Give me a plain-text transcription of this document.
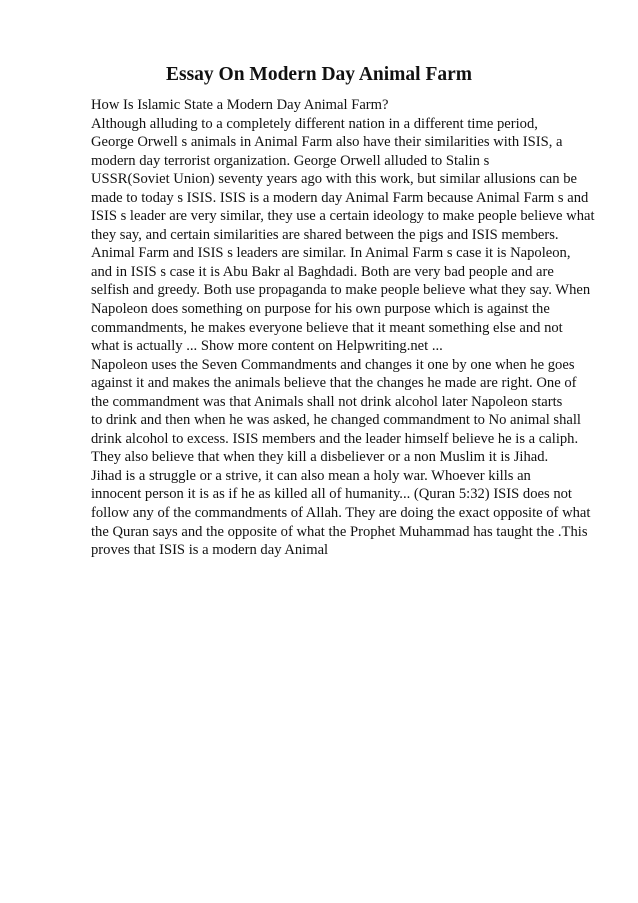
Essay On Modern Day Animal Farm
How Is Islamic State a Modern Day Animal Farm?
Although alluding to a completely different nation in a different time period,
George Orwell s animals in Animal Farm also have their similarities with ISIS, a
modern day terrorist organization. George Orwell alluded to Stalin s
USSR(Soviet Union) seventy years ago with this work, but similar allusions can be
made to today s ISIS. ISIS is a modern day Animal Farm because Animal Farm s and
ISIS s leader are very similar, they use a certain ideology to make people believe what
they say, and certain similarities are shared between the pigs and ISIS members.
Animal Farm and ISIS s leaders are similar. In Animal Farm s case it is Napoleon,
and in ISIS s case it is Abu Bakr al Baghdadi. Both are very bad people and are
selfish and greedy. Both use propaganda to make people believe what they say. When
Napoleon does something on purpose for his own purpose which is against the
commandments, he makes everyone believe that it meant something else and not
what is actually ... Show more content on Helpwriting.net ...
Napoleon uses the Seven Commandments and changes it one by one when he goes
against it and makes the animals believe that the changes he made are right. One of
the commandment was that Animals shall not drink alcohol later Napoleon starts
to drink and then when he was asked, he changed commandment to No animal shall
drink alcohol to excess. ISIS members and the leader himself believe he is a caliph.
They also believe that when they kill a disbeliever or a non Muslim it is Jihad.
Jihad is a struggle or a strive, it can also mean a holy war. Whoever kills an
innocent person it is as if he as killed all of humanity... (Quran 5:32) ISIS does not
follow any of the commandments of Allah. They are doing the exact opposite of what
the Quran says and the opposite of what the Prophet Muhammad has taught the .This
proves that ISIS is a modern day Animal
